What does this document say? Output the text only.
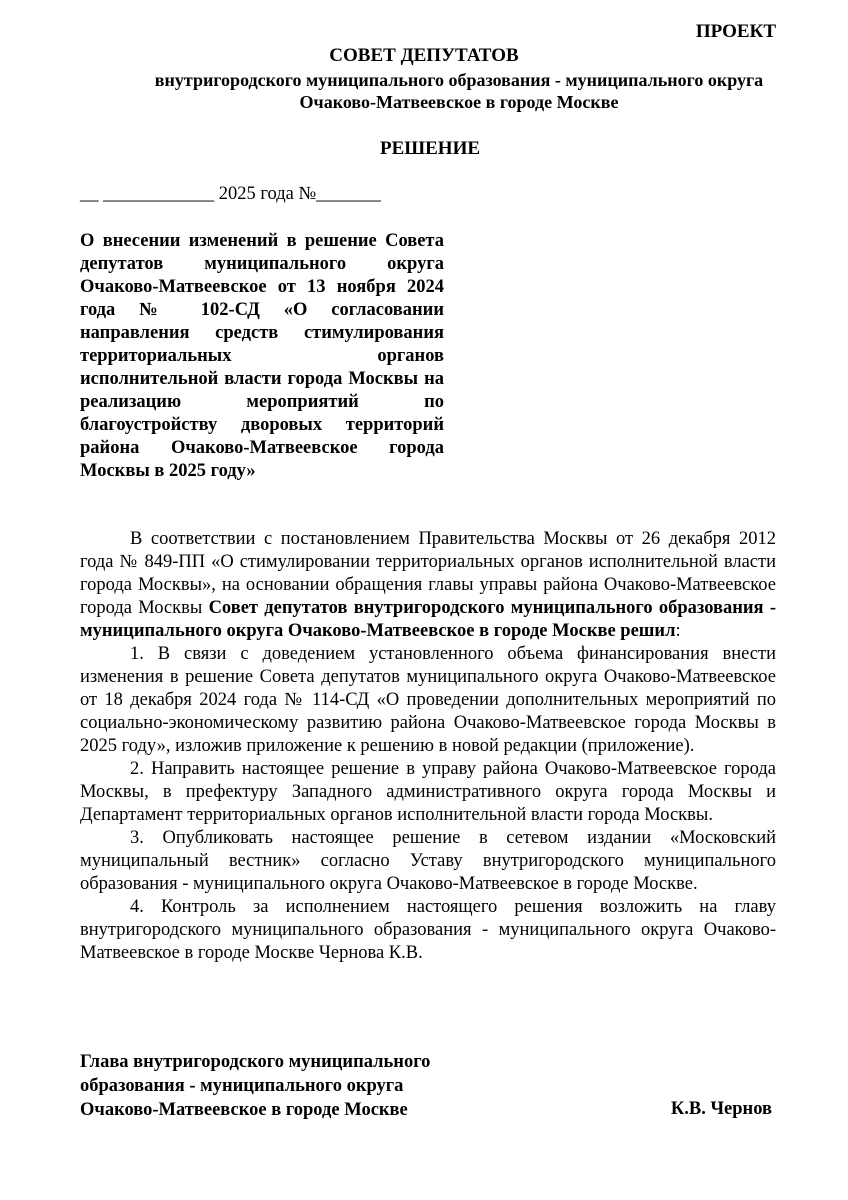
ПРОЕКТ
СОВЕТ ДЕПУТАТОВ
внутригородского муниципального образования - муниципального округа Очаково-Матвеевское в городе Москве
РЕШЕНИЕ
__ ____________ 2025 года №_______
О внесении изменений в решение Совета депутатов муниципального округа Очаково-Матвеевское от 13 ноября 2024 года № 102-СД «О согласовании направления средств стимулирования территориальных органов исполнительной власти города Москвы на реализацию мероприятий по благоустройству дворовых территорий района Очаково-Матвеевское города Москвы в 2025 году»

В соответствии с постановлением Правительства Москвы от 26 декабря 2012 года № 849-ПП «О стимулировании территориальных органов исполнительной власти города Москвы», на основании обращения главы управы района Очаково-Матвеевское города Москвы Совет депутатов внутригородского муниципального образования - муниципального округа Очаково-Матвеевское в городе Москве решил:

1. В связи с доведением установленного объема финансирования внести изменения в решение Совета депутатов муниципального округа Очаково-Матвеевское от 18 декабря 2024 года № 114-СД «О проведении дополнительных мероприятий по социально-экономическому развитию района Очаково-Матвеевское города Москвы в 2025 году», изложив приложение к решению в новой редакции (приложение).

2. Направить настоящее решение в управу района Очаково-Матвеевское города Москвы, в префектуру Западного административного округа города Москвы и Департамент территориальных органов исполнительной власти города Москвы.

3. Опубликовать настоящее решение в сетевом издании «Московский муниципальный вестник» согласно Уставу внутригородского муниципального образования - муниципального округа Очаково-Матвеевское в городе Москве.

4. Контроль за исполнением настоящего решения возложить на главу внутригородского муниципального образования - муниципального округа Очаково-Матвеевское в городе Москве Чернова К.В.

Глава внутригородского муниципального
образования - муниципального округа
Очаково-Матвеевское в городе Москве	К.В. Чернов
